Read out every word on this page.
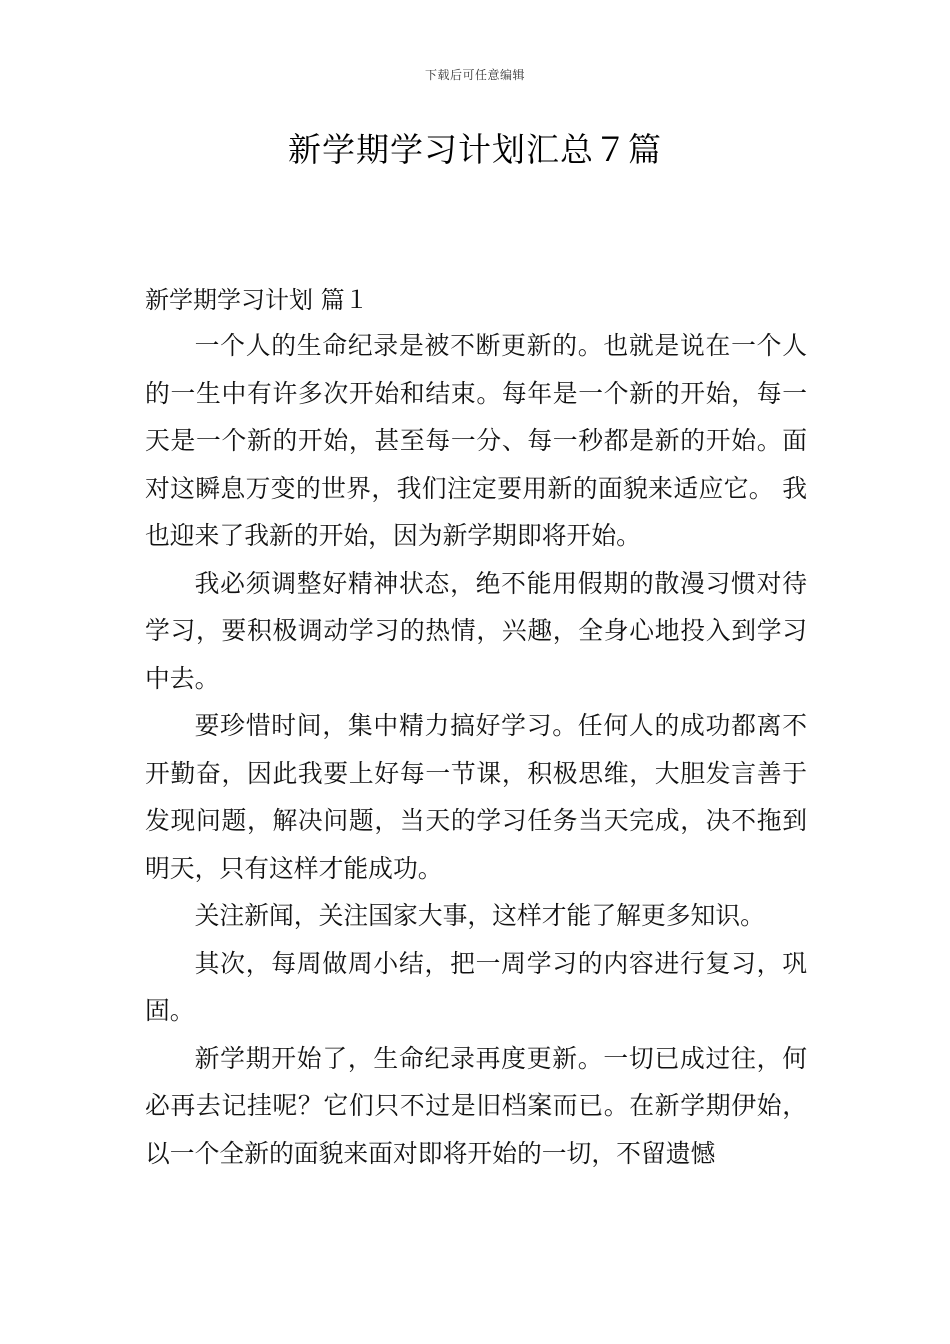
下载后可任意编辑
新学期学习计划汇总７篇
新学期学习计划 篇１

一个人的生命纪录是被不断更新的。也就是说在一个人的一生中有许多次开始和结束。每年是一个新的开始，每一天是一个新的开始，甚至每一分、每一秒都是新的开始。面对这瞬息万变的世界，我们注定要用新的面貌来适应它。 我也迎来了我新的开始，因为新学期即将开始。

我必须调整好精神状态，绝不能用假期的散漫习惯对待学习，要积极调动学习的热情，兴趣，全身心地投入到学习中去。

要珍惜时间，集中精力搞好学习。任何人的成功都离不开勤奋，因此我要上好每一节课，积极思维，大胆发言善于发现问题，解决问题，当天的学习任务当天完成，决不拖到明天，只有这样才能成功。

关注新闻，关注国家大事，这样才能了解更多知识。

其次，每周做周小结，把一周学习的内容进行复习，巩固。

新学期开始了，生命纪录再度更新。一切已成过往，何必再去记挂呢？它们只不过是旧档案而已。在新学期伊始，以一个全新的面貌来面对即将开始的一切，不留遗憾
